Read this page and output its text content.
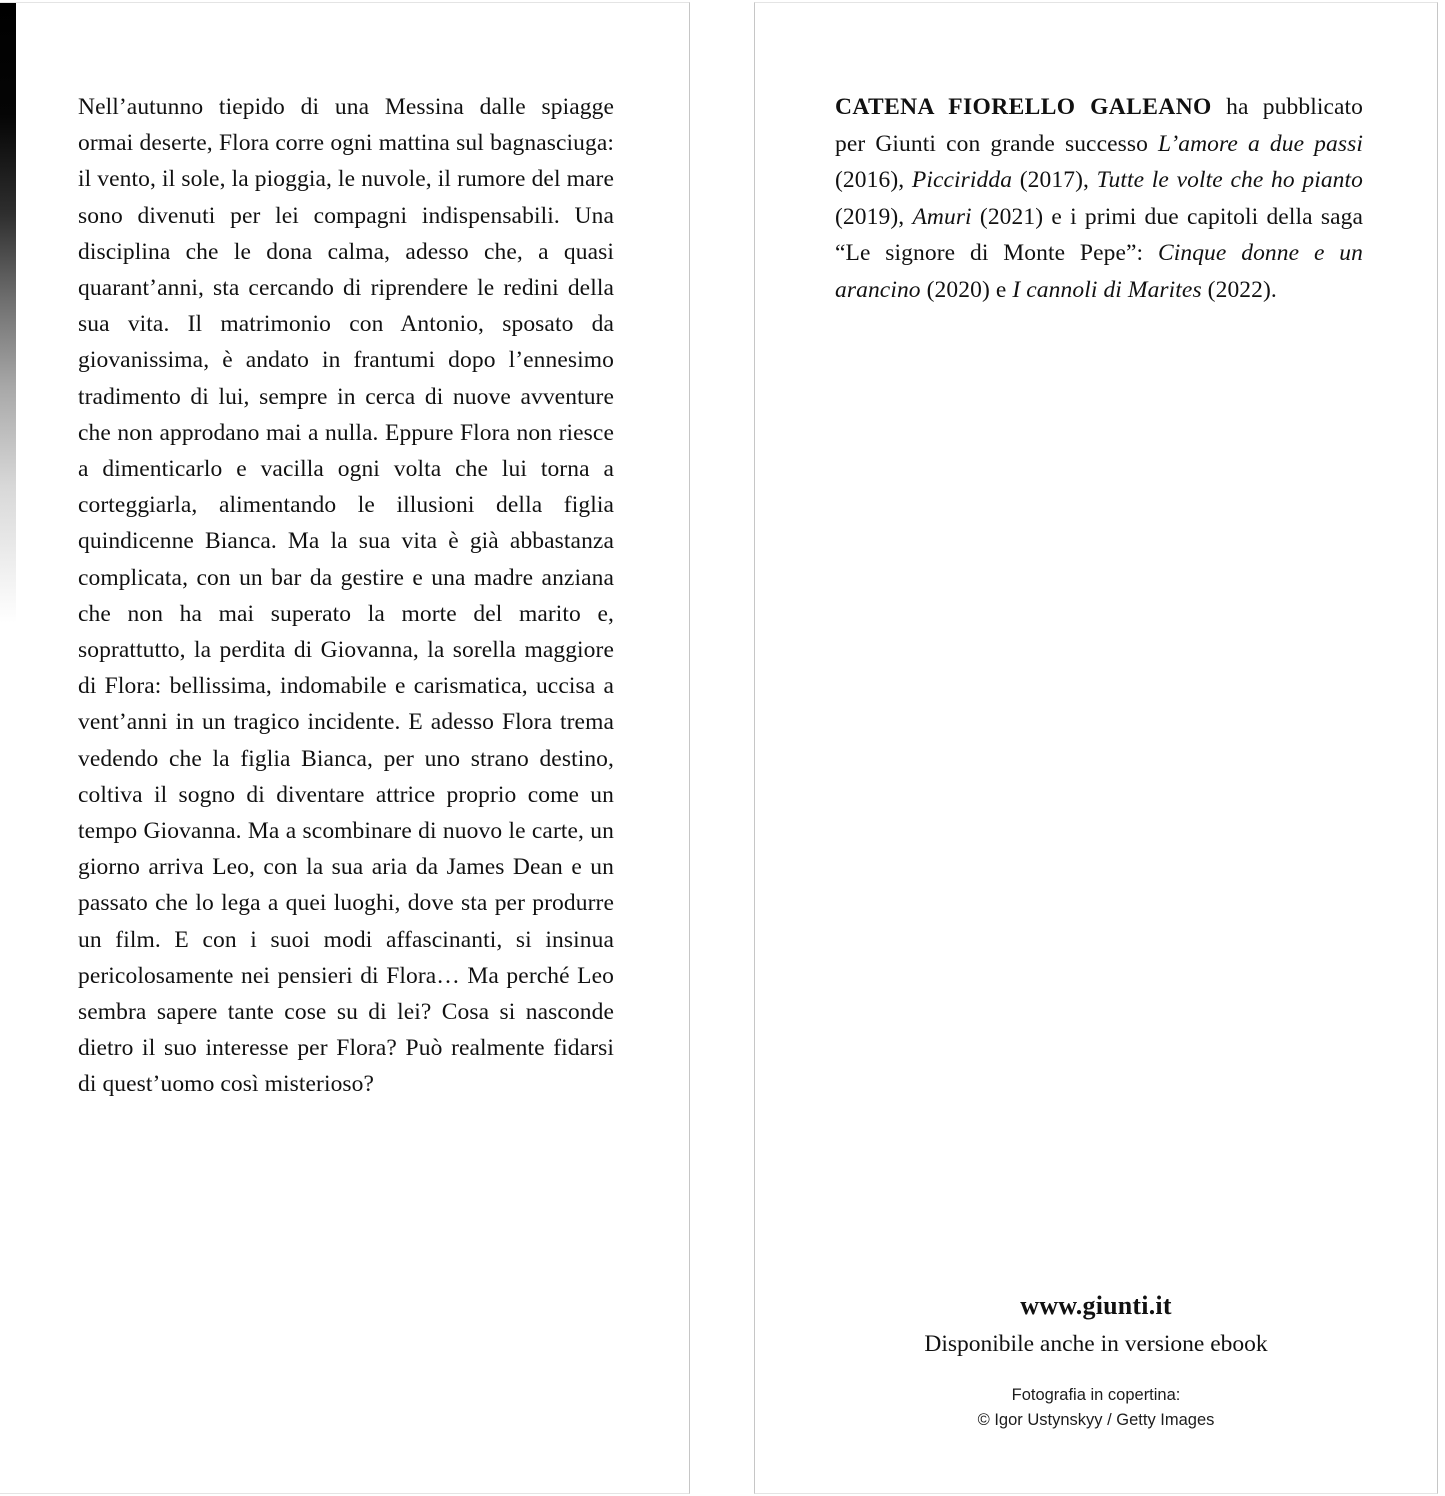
Nell’autunno tiepido di una Messina dalle spiagge ormai deserte, Flora corre ogni mattina sul bagnasciuga: il vento, il sole, la pioggia, le nuvole, il rumore del mare sono divenuti per lei compagni indispensabili. Una disciplina che le dona calma, adesso che, a quasi quarant’anni, sta cercando di riprendere le redini della sua vita. Il matrimonio con Antonio, sposato da giovanissima, è andato in frantumi dopo l’ennesimo tradimento di lui, sempre in cerca di nuove avventure che non approdano mai a nulla. Eppure Flora non riesce a dimenticarlo e vacilla ogni volta che lui torna a corteggiarla, alimentando le illusioni della figlia quindicenne Bianca. Ma la sua vita è già abbastanza complicata, con un bar da gestire e una madre anziana che non ha mai superato la morte del marito e, soprattutto, la perdita di Giovanna, la sorella maggiore di Flora: bellissima, indomabile e carismatica, uccisa a vent’anni in un tragico incidente. E adesso Flora trema vedendo che la figlia Bianca, per uno strano destino, coltiva il sogno di diventare attrice proprio come un tempo Giovanna. Ma a scombinare di nuovo le carte, un giorno arriva Leo, con la sua aria da James Dean e un passato che lo lega a quei luoghi, dove sta per produrre un film. E con i suoi modi affascinanti, si insinua pericolosamente nei pensieri di Flora… Ma perché Leo sembra sapere tante cose su di lei? Cosa si nasconde dietro il suo interesse per Flora? Può realmente fidarsi di quest’uomo così misterioso?
CATENA FIORELLO GALEANO ha pubblicato per Giunti con grande successo L’amore a due passi (2016), Picciridda (2017), Tutte le volte che ho pianto (2019), Amuri (2021) e i primi due capitoli della saga “Le signore di Monte Pepe”: Cinque donne e un arancino (2020) e I cannoli di Marites (2022).
www.giunti.it
Disponibile anche in versione ebook
Fotografia in copertina:
© Igor Ustynskyy / Getty Images
